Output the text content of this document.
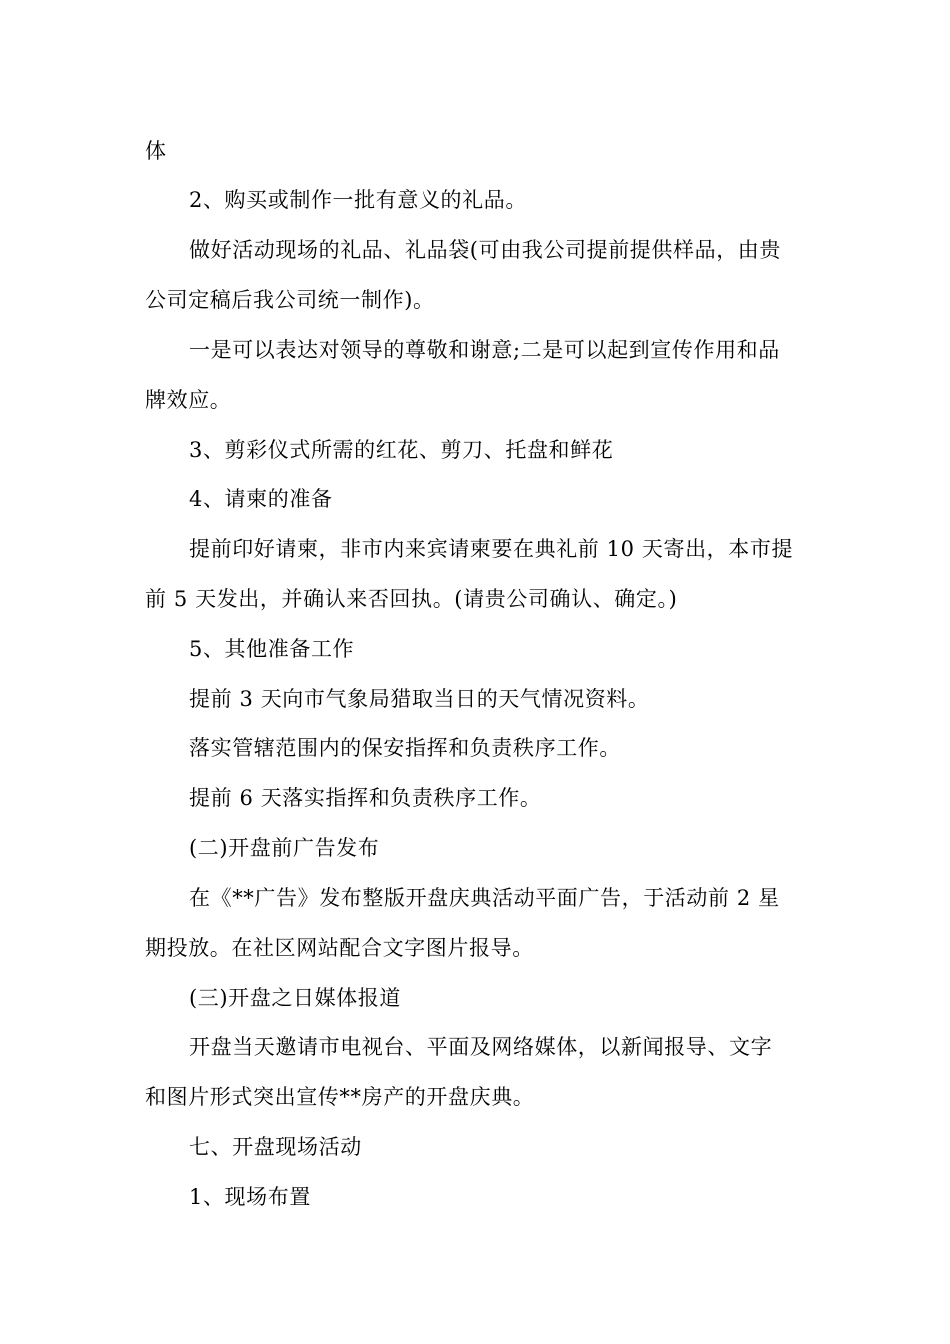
体
2、购买或制作一批有意义的礼品。
做好活动现场的礼品、礼品袋(可由我公司提前提供样品，由贵
公司定稿后我公司统一制作)。
一是可以表达对领导的尊敬和谢意;二是可以起到宣传作用和品
牌效应。
3、剪彩仪式所需的红花、剪刀、托盘和鲜花
4、请柬的准备
提前印好请柬，非市内来宾请柬要在典礼前 10 天寄出，本市提
前 5 天发出，并确认来否回执。(请贵公司确认、确定。)
5、其他准备工作
提前 3 天向市气象局猎取当日的天气情况资料。
落实管辖范围内的保安指挥和负责秩序工作。
提前 6 天落实指挥和负责秩序工作。
(二)开盘前广告发布
在《**广告》发布整版开盘庆典活动平面广告，于活动前 2 星
期投放。在社区网站配合文字图片报导。
(三)开盘之日媒体报道
开盘当天邀请市电视台、平面及网络媒体，以新闻报导、文字
和图片形式突出宣传**房产的开盘庆典。
七、开盘现场活动
1、现场布置
